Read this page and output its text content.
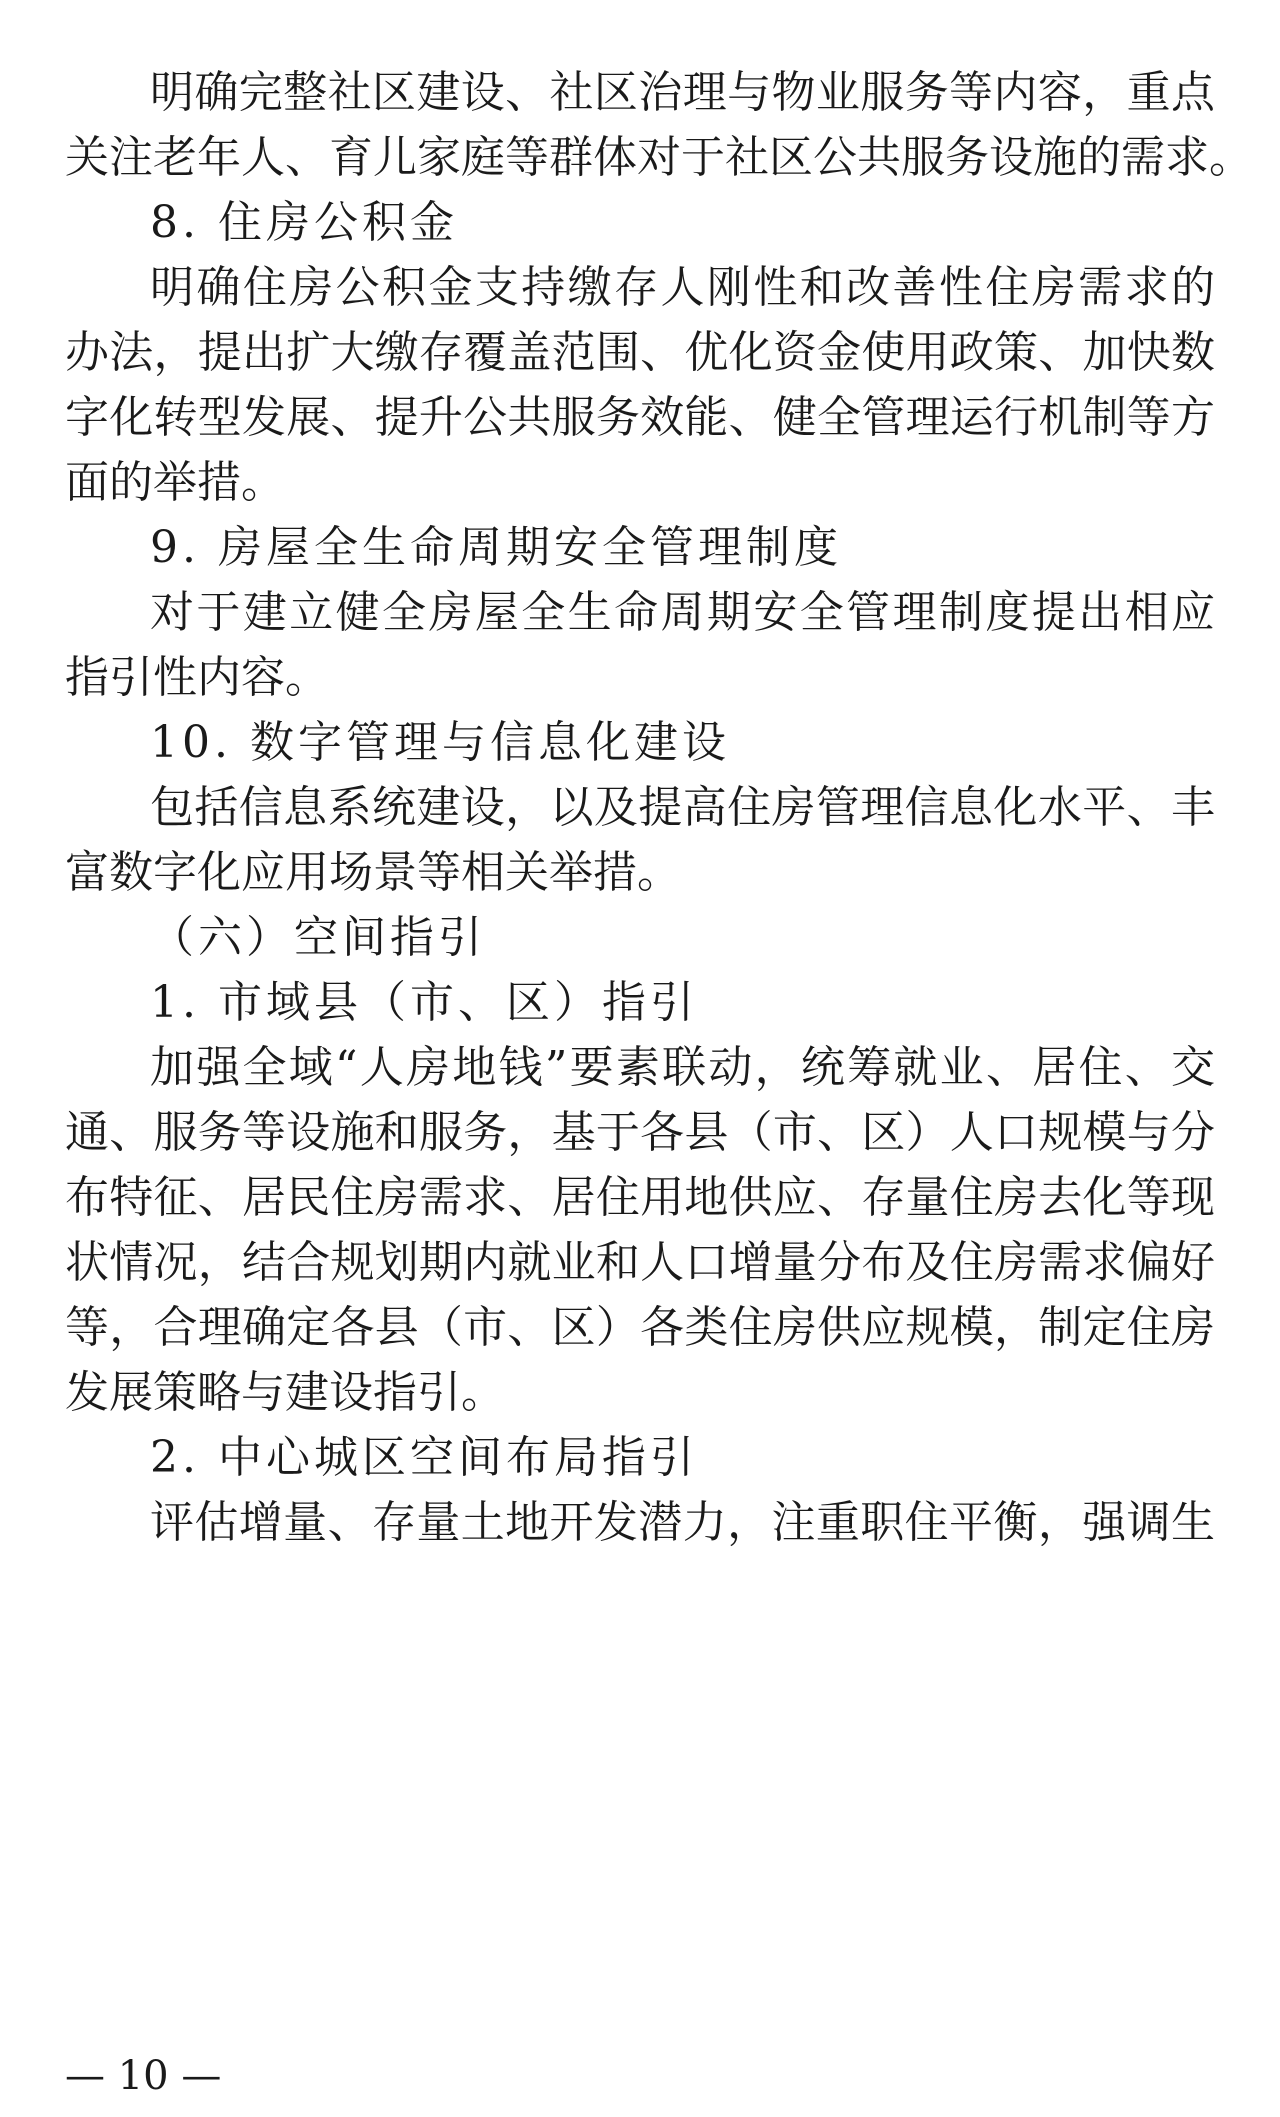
明确完整社区建设、社区治理与物业服务等内容，重点
关注老年人、育儿家庭等群体对于社区公共服务设施的需求。
8. 住房公积金
明确住房公积金支持缴存人刚性和改善性住房需求的
办法，提出扩大缴存覆盖范围、优化资金使用政策、加快数
字化转型发展、提升公共服务效能、健全管理运行机制等方
面的举措。
9. 房屋全生命周期安全管理制度
对于建立健全房屋全生命周期安全管理制度提出相应
指引性内容。
10. 数字管理与信息化建设
包括信息系统建设，以及提高住房管理信息化水平、丰
富数字化应用场景等相关举措。
（六）空间指引
1. 市域县（市、区）指引
加强全域“人房地钱”要素联动，统筹就业、居住、交
通、服务等设施和服务，基于各县（市、区）人口规模与分
布特征、居民住房需求、居住用地供应、存量住房去化等现
状情况，结合规划期内就业和人口增量分布及住房需求偏好
等，合理确定各县（市、区）各类住房供应规模，制定住房
发展策略与建设指引。
2. 中心城区空间布局指引
评估增量、存量土地开发潜力，注重职住平衡，强调生
— 10 —
